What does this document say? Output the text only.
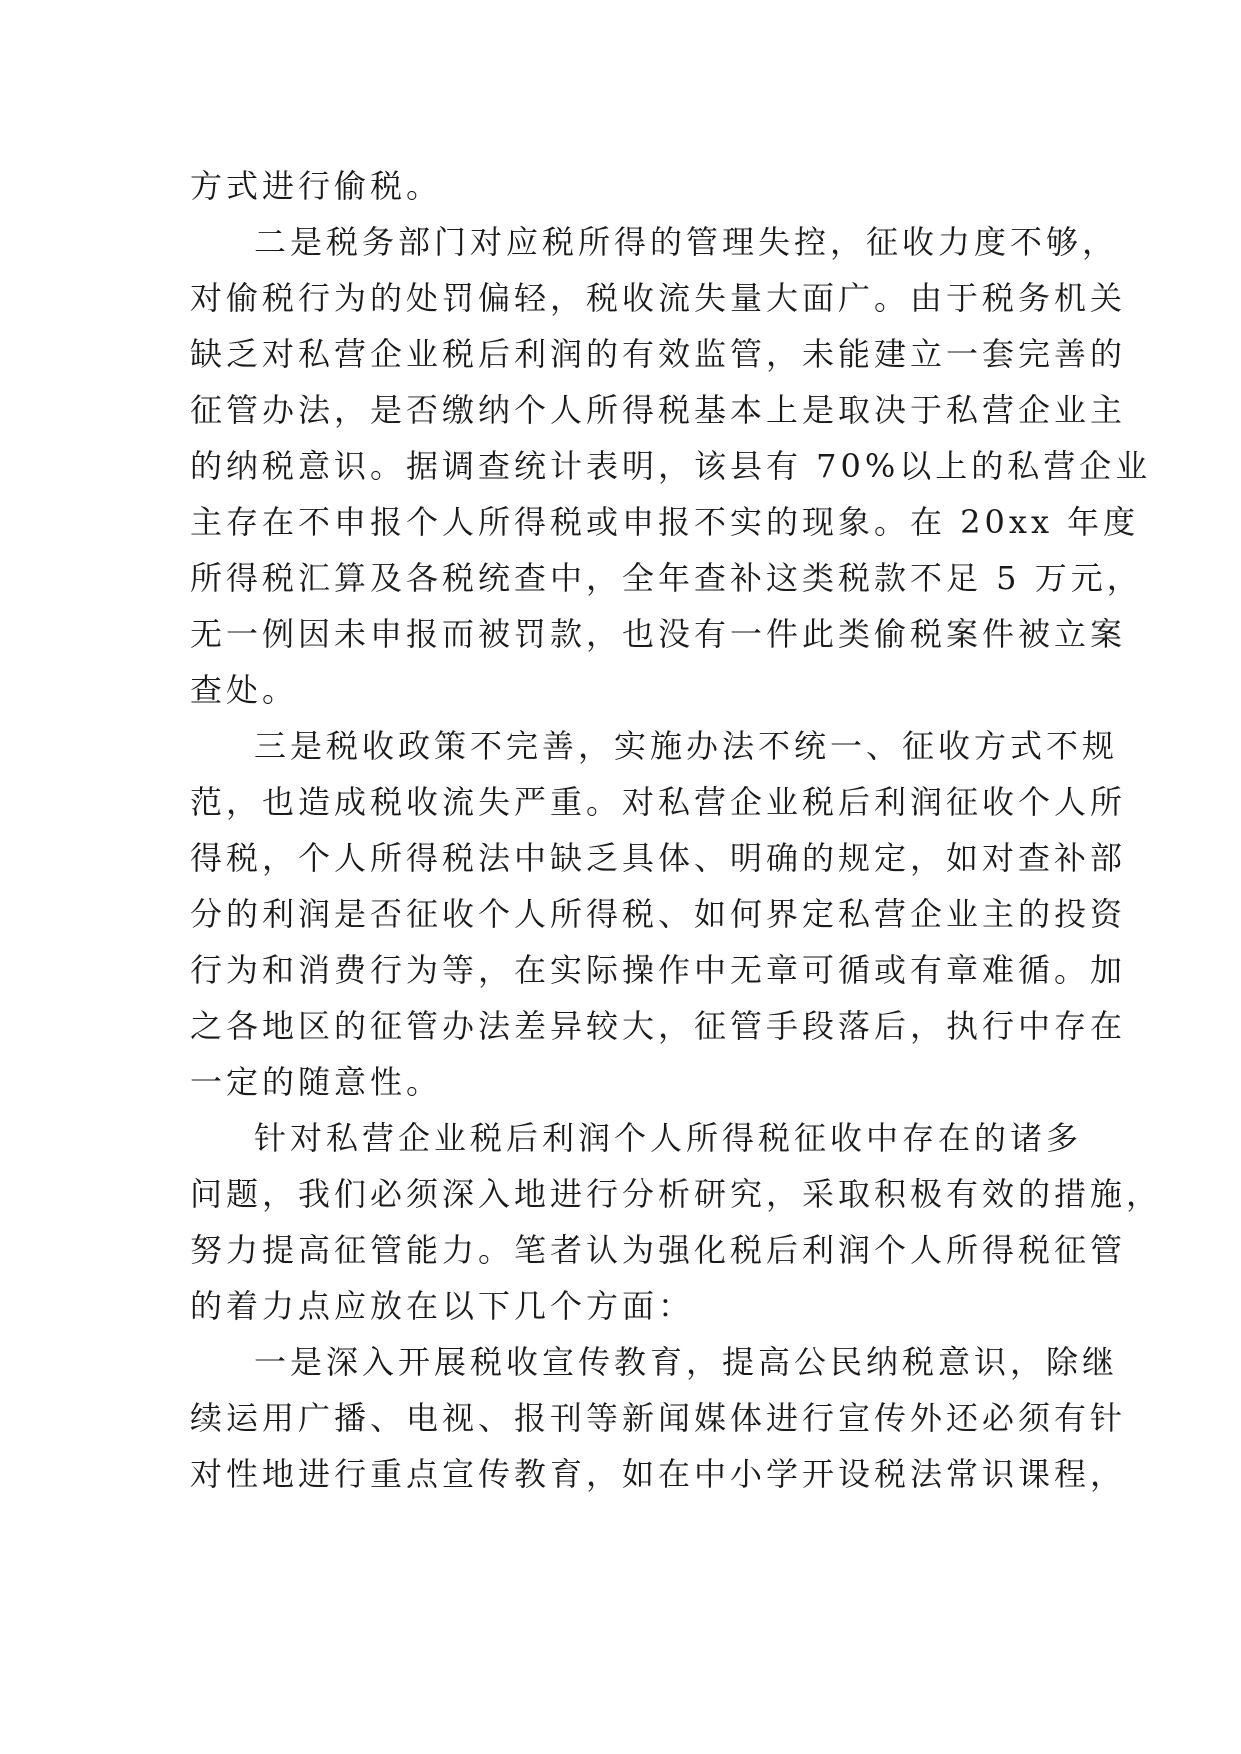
方式进行偷税。
二是税务部门对应税所得的管理失控，征收力度不够，
对偷税行为的处罚偏轻，税收流失量大面广。由于税务机关
缺乏对私营企业税后利润的有效监管，未能建立一套完善的
征管办法，是否缴纳个人所得税基本上是取决于私营企业主
的纳税意识。据调查统计表明，该县有 70%以上的私营企业
主存在不申报个人所得税或申报不实的现象。在 20xx 年度
所得税汇算及各税统查中，全年查补这类税款不足 5 万元，
无一例因未申报而被罚款，也没有一件此类偷税案件被立案
查处。
三是税收政策不完善，实施办法不统一、征收方式不规
范，也造成税收流失严重。对私营企业税后利润征收个人所
得税，个人所得税法中缺乏具体、明确的规定，如对查补部
分的利润是否征收个人所得税、如何界定私营企业主的投资
行为和消费行为等，在实际操作中无章可循或有章难循。加
之各地区的征管办法差异较大，征管手段落后，执行中存在
一定的随意性。
针对私营企业税后利润个人所得税征收中存在的诸多
问题，我们必须深入地进行分析研究，采取积极有效的措施，
努力提高征管能力。笔者认为强化税后利润个人所得税征管
的着力点应放在以下几个方面：
一是深入开展税收宣传教育，提高公民纳税意识，除继
续运用广播、电视、报刊等新闻媒体进行宣传外还必须有针
对性地进行重点宣传教育，如在中小学开设税法常识课程，
